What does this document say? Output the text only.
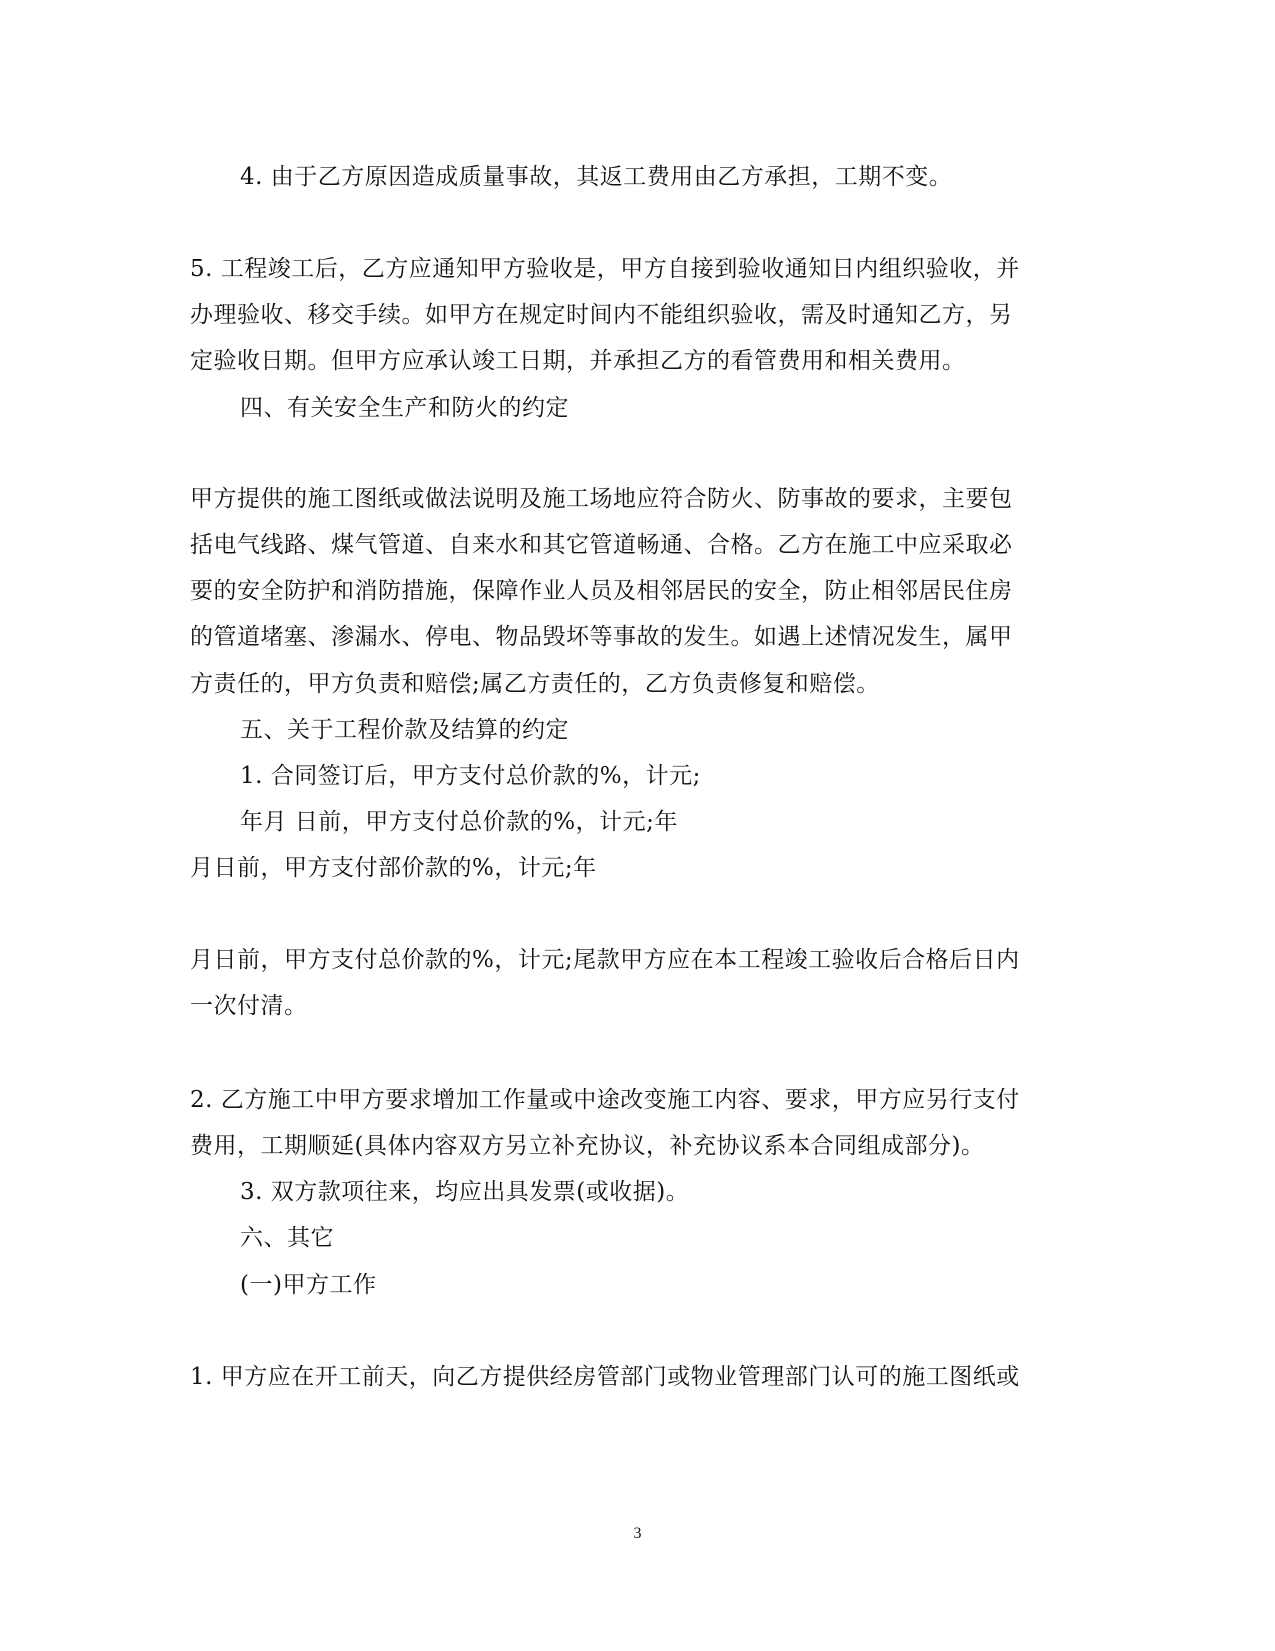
4. 由于乙方原因造成质量事故，其返工费用由乙方承担，工期不变。
5. 工程竣工后，乙方应通知甲方验收是，甲方自接到验收通知日内组织验收，并
办理验收、移交手续。如甲方在规定时间内不能组织验收，需及时通知乙方，另
定验收日期。但甲方应承认竣工日期，并承担乙方的看管费用和相关费用。
四、有关安全生产和防火的约定
甲方提供的施工图纸或做法说明及施工场地应符合防火、防事故的要求，主要包
括电气线路、煤气管道、自来水和其它管道畅通、合格。乙方在施工中应采取必
要的安全防护和消防措施，保障作业人员及相邻居民的安全，防止相邻居民住房
的管道堵塞、渗漏水、停电、物品毁坏等事故的发生。如遇上述情况发生，属甲
方责任的，甲方负责和赔偿;属乙方责任的，乙方负责修复和赔偿。
五、关于工程价款及结算的约定
1. 合同签订后，甲方支付总价款的%，计元;
年月 日前，甲方支付总价款的%，计元;年
月日前，甲方支付部价款的%，计元;年
月日前，甲方支付总价款的%，计元;尾款甲方应在本工程竣工验收后合格后日内
一次付清。
2. 乙方施工中甲方要求增加工作量或中途改变施工内容、要求，甲方应另行支付
费用，工期顺延(具体内容双方另立补充协议，补充协议系本合同组成部分)。
3. 双方款项往来，均应出具发票(或收据)。
六、其它
(一)甲方工作
1. 甲方应在开工前天，向乙方提供经房管部门或物业管理部门认可的施工图纸或
3
